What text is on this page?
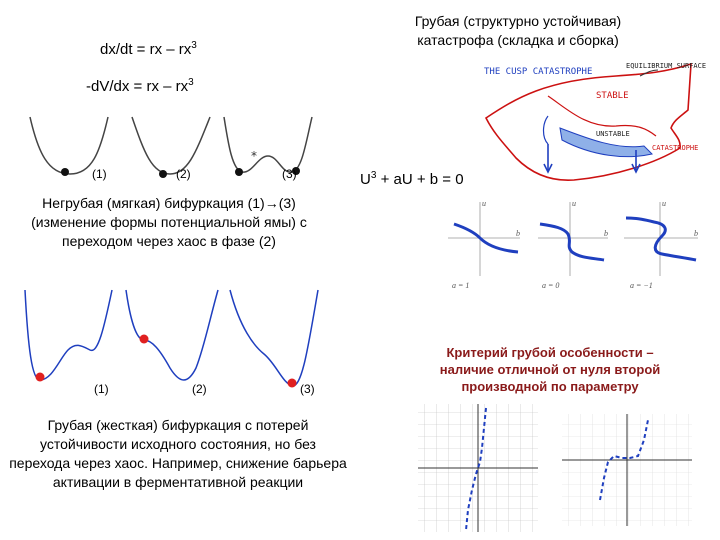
dx/dt = rx – $rx^3$
-dV/dx = rx – $rx^3$
*
(1)	(2)	(3)
Негрубая (мягкая) бифуркация (1)→(3) (изменение формы потенциальной ямы) с переходом через хаос в фазе (2)
(1)	(2)	(3)
Грубая (жесткая) бифуркация с потерей устойчивости исходного состояния, но без перехода через хаос. Например, снижение барьера активации в ферментативной реакции
Грубая (структурно устойчивая) катастрофа (складка и сборка)
THE CUSP CATASTROPHE
EQUILIBRIUM SURFACE
STABLE
UNSTABLE
CATASTROPHE
$U^3$ + aU + b = 0
u
b
a = 1
u
b
a = 0
u
b
a = −1
Критерий грубой особенности – наличие отличной от нуля второй производной по параметру
